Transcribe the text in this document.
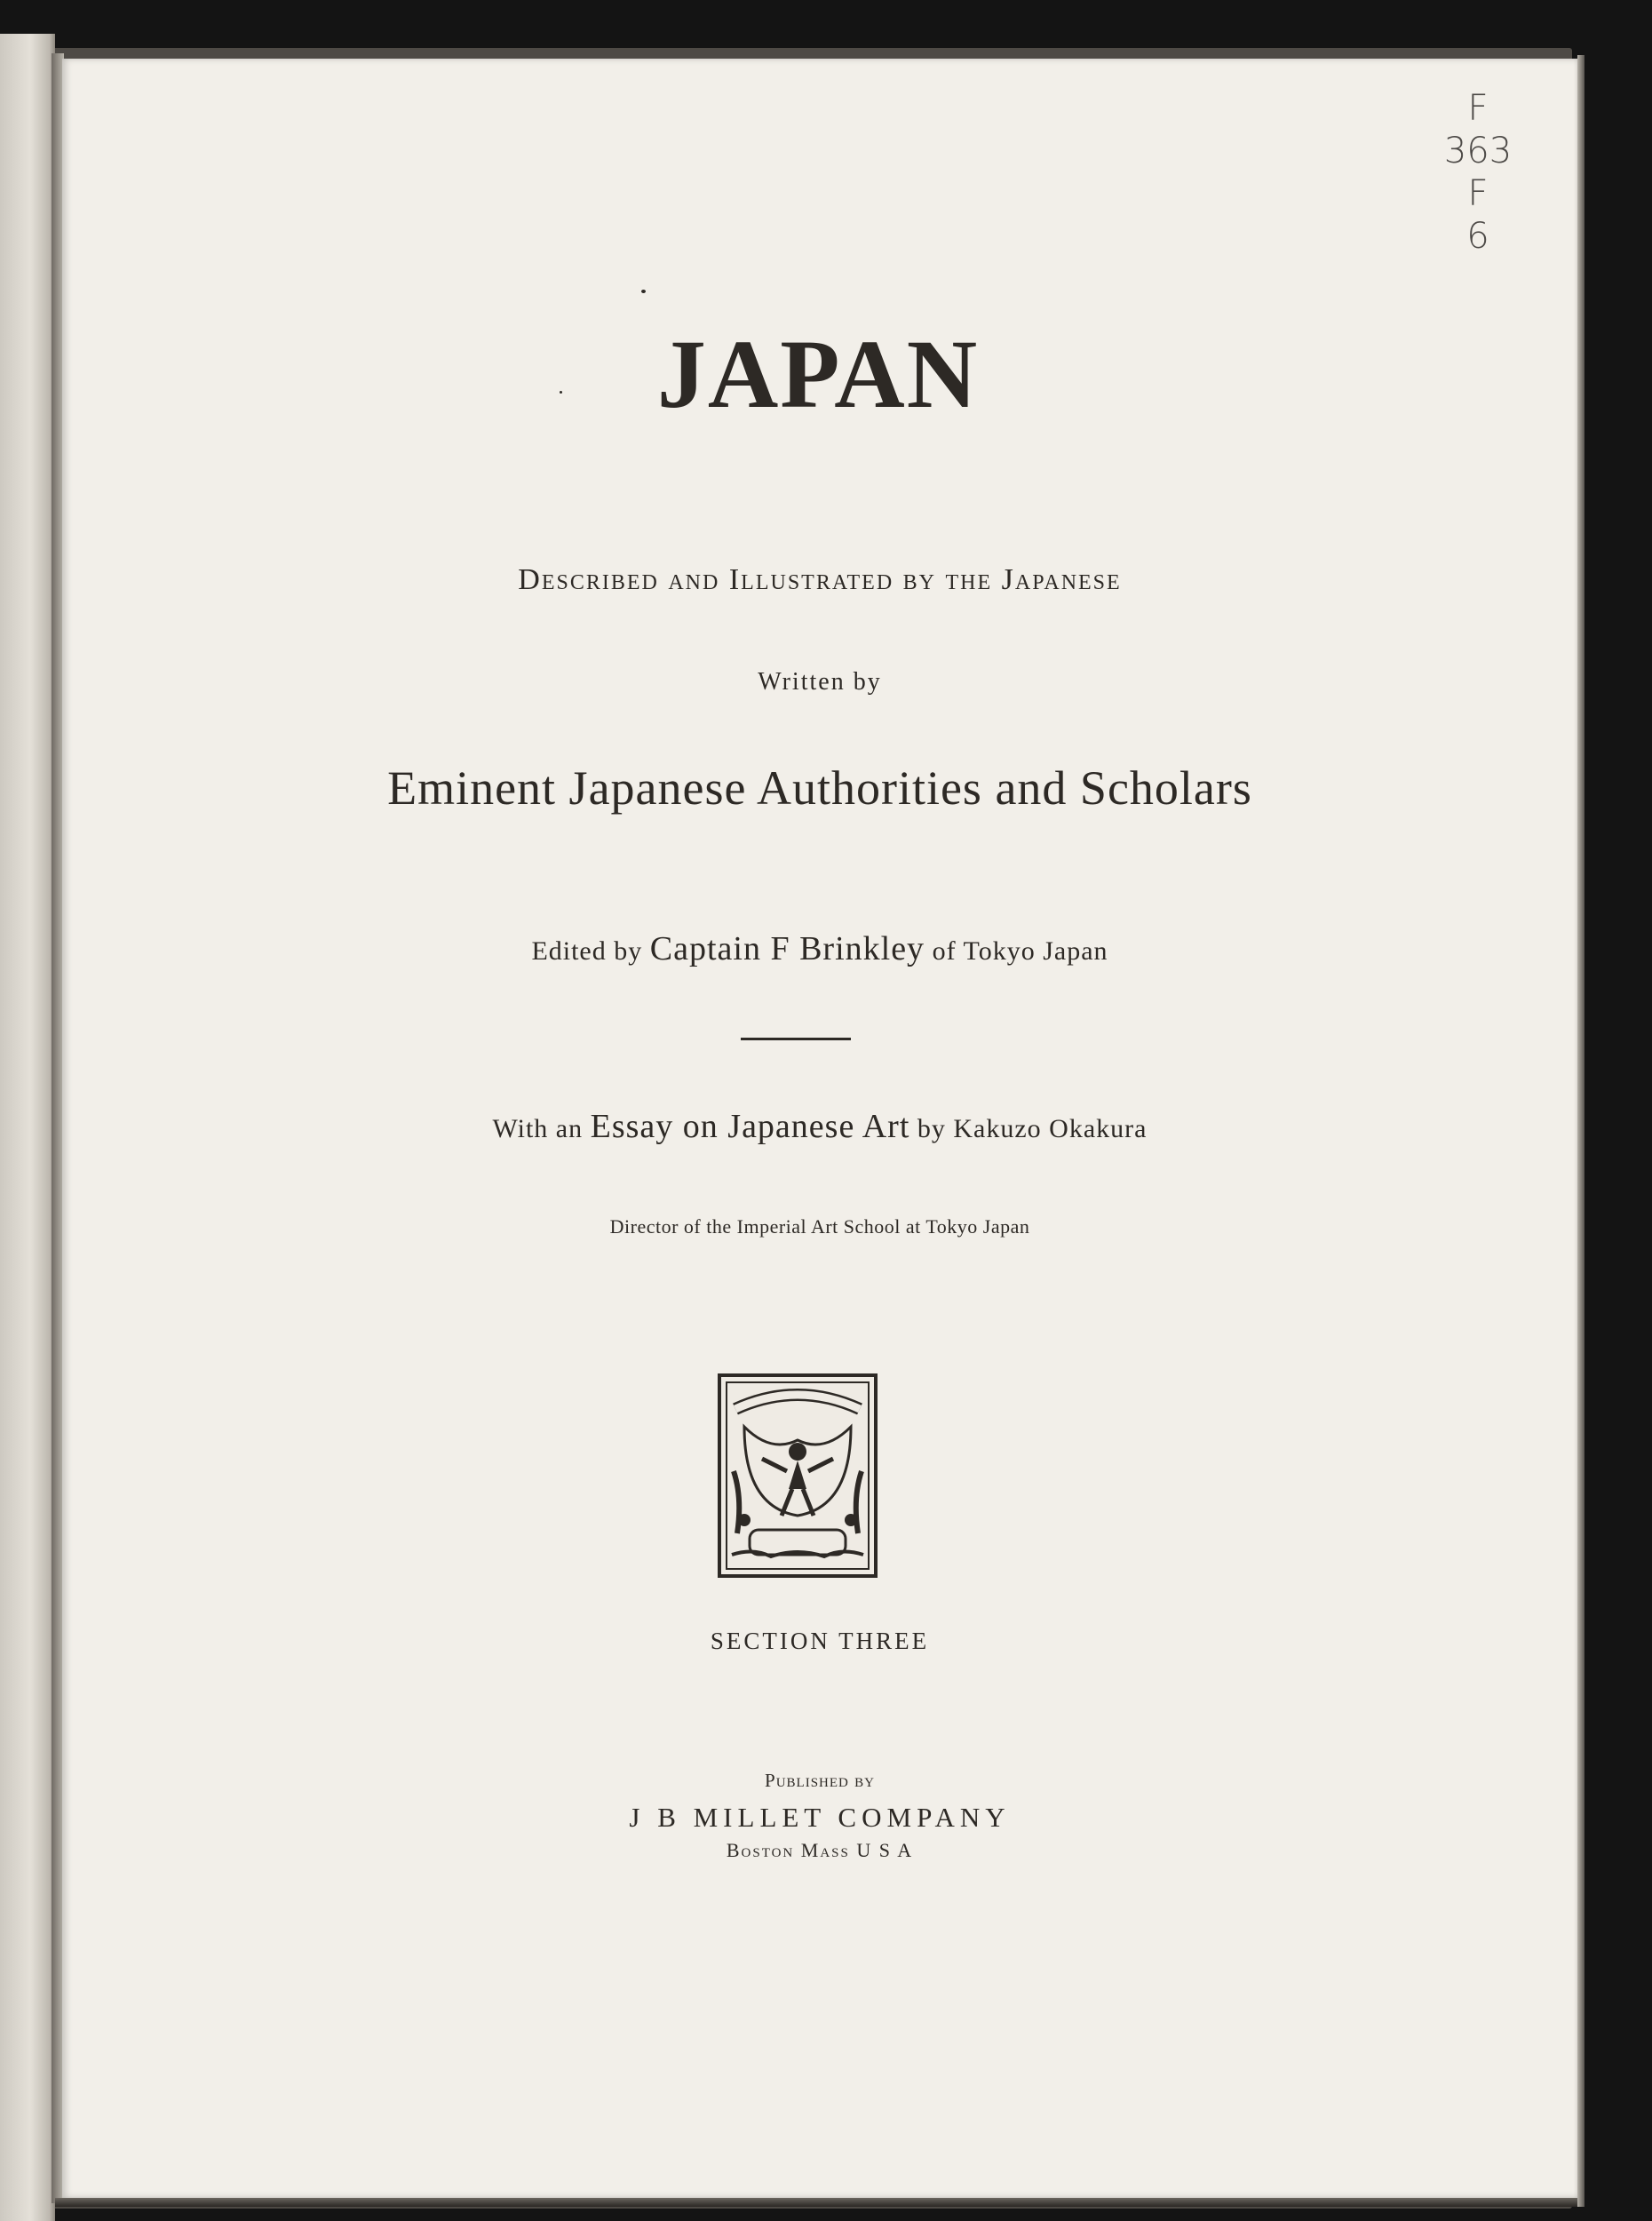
JAPAN
Described and Illustrated by the Japanese
Written by
Eminent Japanese Authorities and Scholars
Edited by Captain F Brinkley of Tokyo Japan
With an Essay on Japanese Art by Kakuzo Okakura
Director of the Imperial Art School at Tokyo Japan
SECTION THREE
Published by
J B MILLET COMPANY
Boston Mass U S A
F
363
F
6
